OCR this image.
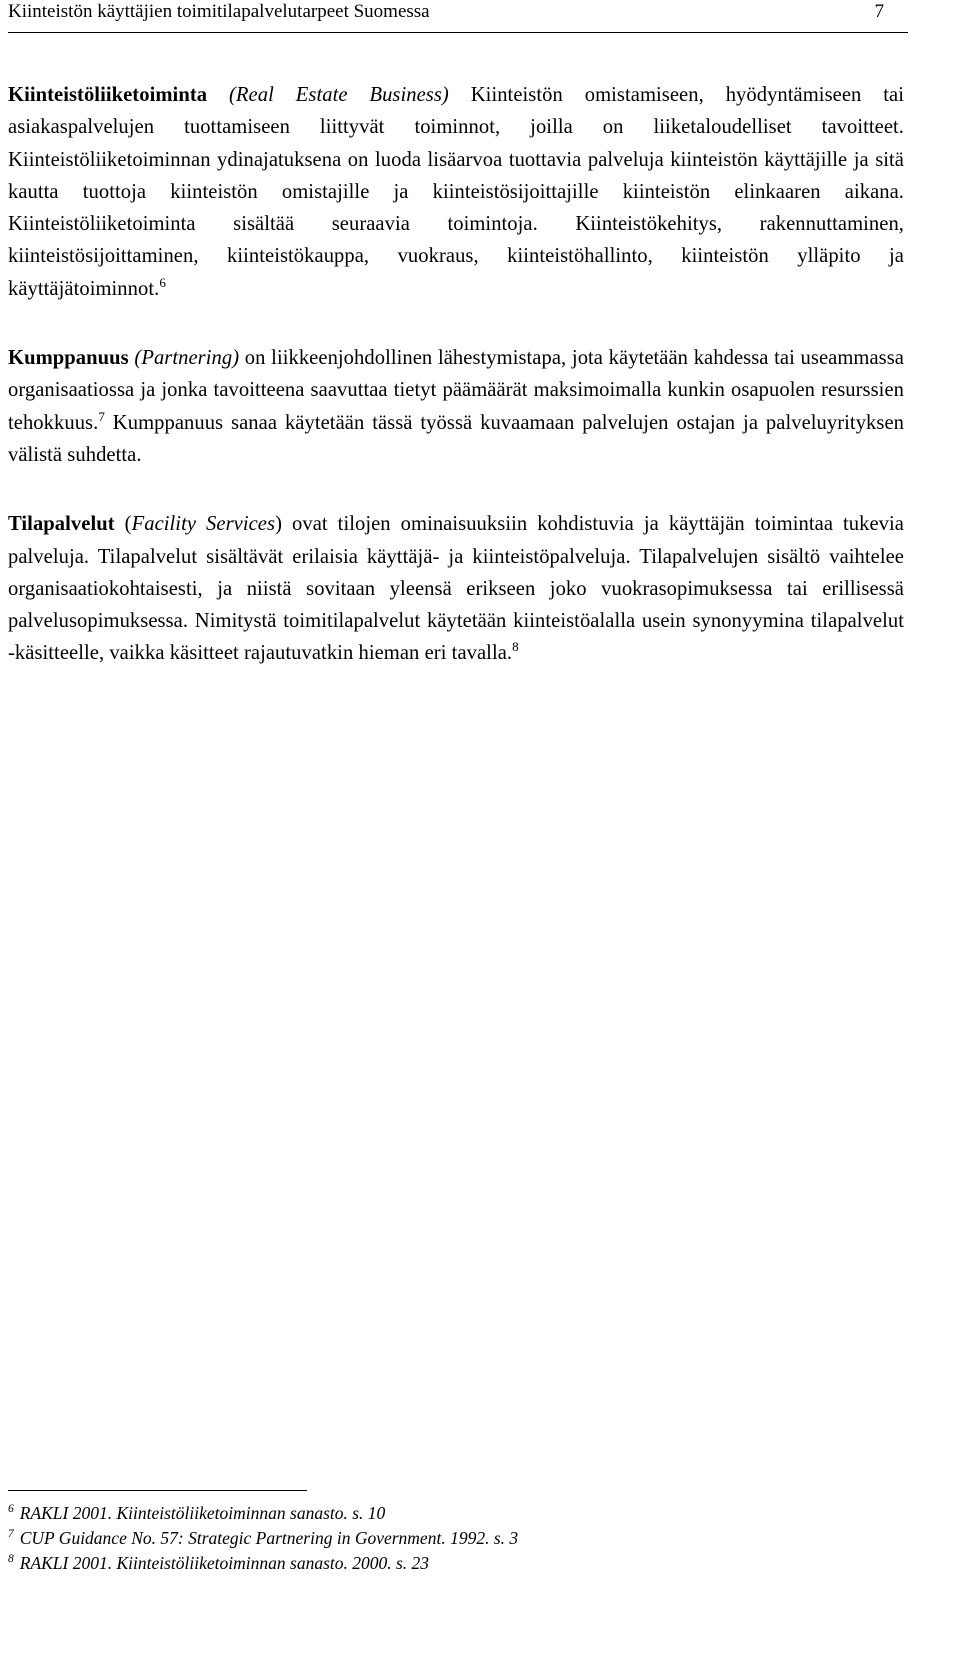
Kiinteistön käyttäjien toimitilapalvelutarpeet Suomessa	7

Kiinteistöliiketoiminta (Real Estate Business) Kiinteistön omistamiseen, hyödyntämiseen tai asiakaspalvelujen tuottamiseen liittyvät toiminnot, joilla on liiketaloudelliset tavoitteet. Kiinteistöliiketoiminnan ydinajatuksena on luoda lisäarvoa tuottavia palveluja kiinteistön käyttäjille ja sitä kautta tuottoja kiinteistön omistajille ja kiinteistösijoittajille kiinteistön elinkaaren aikana. Kiinteistöliiketoiminta sisältää seuraavia toimintoja. Kiinteistökehitys, rakennuttaminen, kiinteistösijoittaminen, kiinteistökauppa, vuokraus, kiinteistöhallinto, kiinteistön ylläpito ja käyttäjätoiminnot.$^6$

Kumppanuus (Partnering) on liikkeenjohdollinen lähestymistapa, jota käytetään kahdessa tai useammassa organisaatiossa ja jonka tavoitteena saavuttaa tietyt päämäärät maksimoimalla kunkin osapuolen resurssien tehokkuus.$^7$ Kumppanuus sanaa käytetään tässä työssä kuvaamaan palvelujen ostajan ja palveluyrityksen välistä suhdetta.

Tilapalvelut (Facility Services) ovat tilojen ominaisuuksiin kohdistuvia ja käyttäjän toimintaa tukevia palveluja. Tilapalvelut sisältävät erilaisia käyttäjä- ja kiinteistöpalveluja. Tilapalvelujen sisältö vaihtelee organisaatiokohtaisesti, ja niistä sovitaan yleensä erikseen joko vuokrasopimuksessa tai erillisessä palvelusopimuksessa. Nimitystä toimitilapalvelut käytetään kiinteistöalalla usein synonyymina tilapalvelut -käsitteelle, vaikka käsitteet rajautuvatkin hieman eri tavalla.$^8$

$^6$ RAKLI 2001. Kiinteistöliiketoiminnan sanasto. s. 10
$^7$ CUP Guidance No. 57: Strategic Partnering in Government. 1992. s. 3
$^8$ RAKLI 2001. Kiinteistöliiketoiminnan sanasto. 2000. s. 23
